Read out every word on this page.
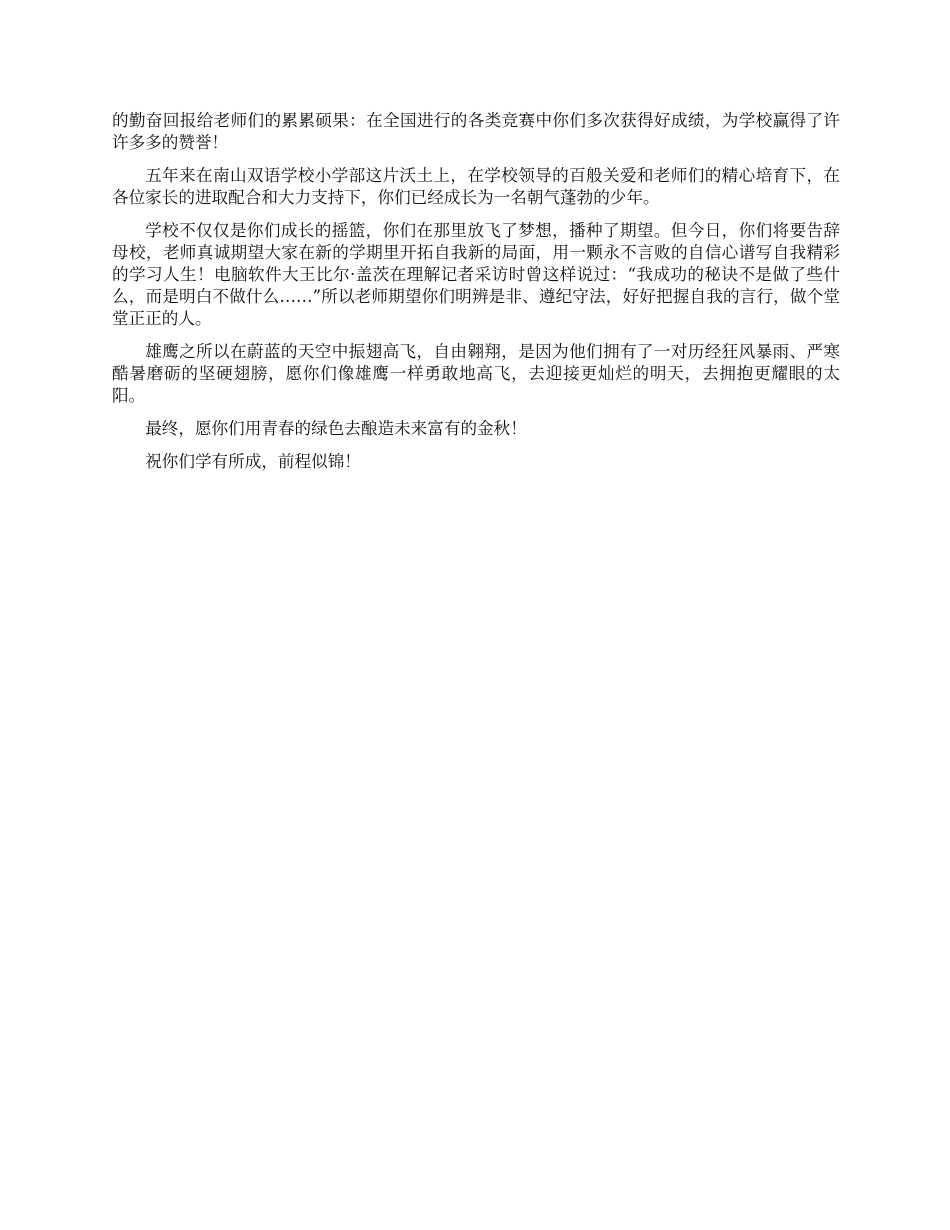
的勤奋回报给老师们的累累硕果：在全国进行的各类竞赛中你们多次获得好成绩，为学校赢得了许许多多的赞誉！

五年来在南山双语学校小学部这片沃土上，在学校领导的百般关爱和老师们的精心培育下，在各位家长的进取配合和大力支持下，你们已经成长为一名朝气蓬勃的少年。

学校不仅仅是你们成长的摇篮，你们在那里放飞了梦想，播种了期望。但今日，你们将要告辞母校，老师真诚期望大家在新的学期里开拓自我新的局面，用一颗永不言败的自信心谱写自我精彩的学习人生！电脑软件大王比尔·盖茨在理解记者采访时曾这样说过：“我成功的秘诀不是做了些什么，而是明白不做什么……”所以老师期望你们明辨是非、遵纪守法，好好把握自我的言行，做个堂堂正正的人。

雄鹰之所以在蔚蓝的天空中振翅高飞，自由翱翔，是因为他们拥有了一对历经狂风暴雨、严寒酷暑磨砺的坚硬翅膀，愿你们像雄鹰一样勇敢地高飞，去迎接更灿烂的明天，去拥抱更耀眼的太阳。

最终，愿你们用青春的绿色去酿造未来富有的金秋！

祝你们学有所成，前程似锦！
